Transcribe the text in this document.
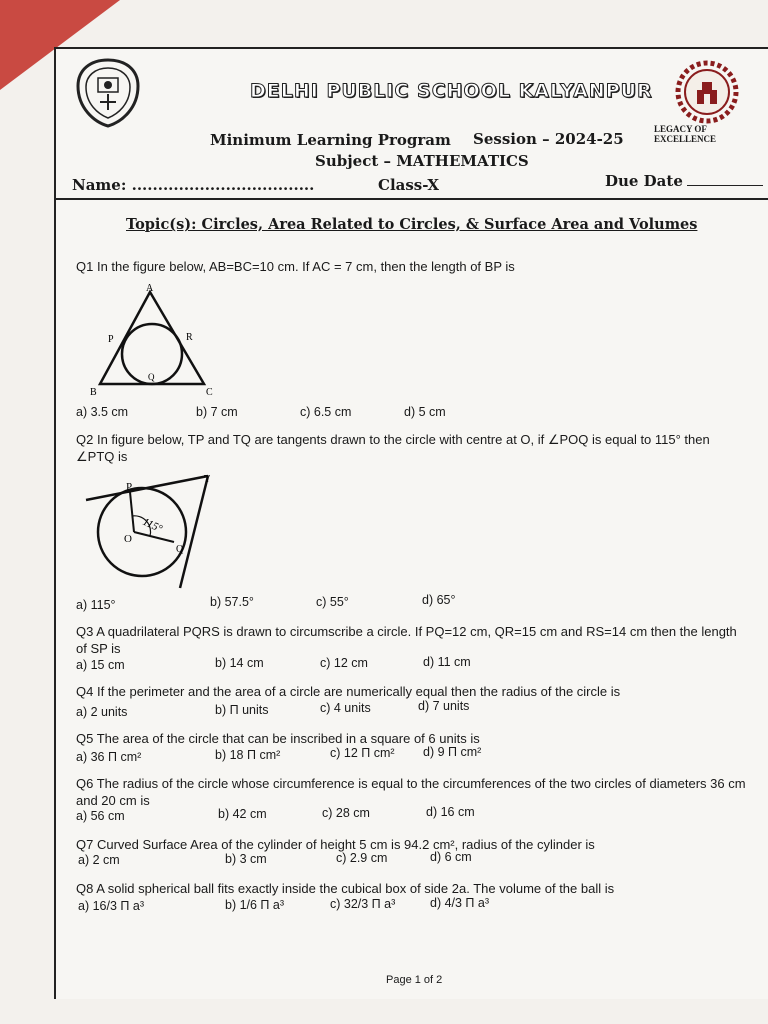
DELHI PUBLIC SCHOOL KALYANPUR
LEGACY OF EXCELLENCE
Minimum Learning Program Session – 2024-25
Subject – MATHEMATICS
Name: ...................................	Class-X	Due Date
Topic(s): Circles, Area Related to Circles, & Surface Area and Volumes
Q1 In the figure below, AB=BC=10 cm. If AC = 7 cm, then the length of BP is
A
P	R
Q
B	C
a) 3.5 cm	b) 7 cm	c) 6.5 cm	d) 5 cm
Q2 In figure below, TP and TQ are tangents drawn to the circle with centre at O, if ∠POQ is equal to 115° then ∠PTQ is
P
T
O
Q
115°
a) 115°	b) 57.5°	c) 55°	d) 65°
Q3 A quadrilateral PQRS is drawn to circumscribe a circle. If PQ=12 cm, QR=15 cm and RS=14 cm then the length of SP is
a) 15 cm	b) 14 cm	c) 12 cm	d) 11 cm
Q4 If the perimeter and the area of a circle are numerically equal then the radius of the circle is
a) 2 units	b) Π units	c) 4 units	d) 7 units
Q5 The area of the circle that can be inscribed in a square of 6 units is
a) 36 Π cm²	b) 18 Π cm²	c) 12 Π cm² d) 9 Π cm²
Q6 The radius of the circle whose circumference is equal to the circumferences of the two circles of diameters 36 cm and 20 cm is
a) 56 cm	b) 42 cm	c) 28 cm	d) 16 cm
Q7 Curved Surface Area of the cylinder of height 5 cm is 94.2 cm², radius of the cylinder is
a) 2 cm	b) 3 cm	c) 2.9 cm	d) 6 cm
Q8 A solid spherical ball fits exactly inside the cubical box of side 2a. The volume of the ball is
a) 16/3 Π a³	b) 1/6 Π a³	c) 32/3 Π a³	d) 4/3 Π a³
Page 1 of 2
